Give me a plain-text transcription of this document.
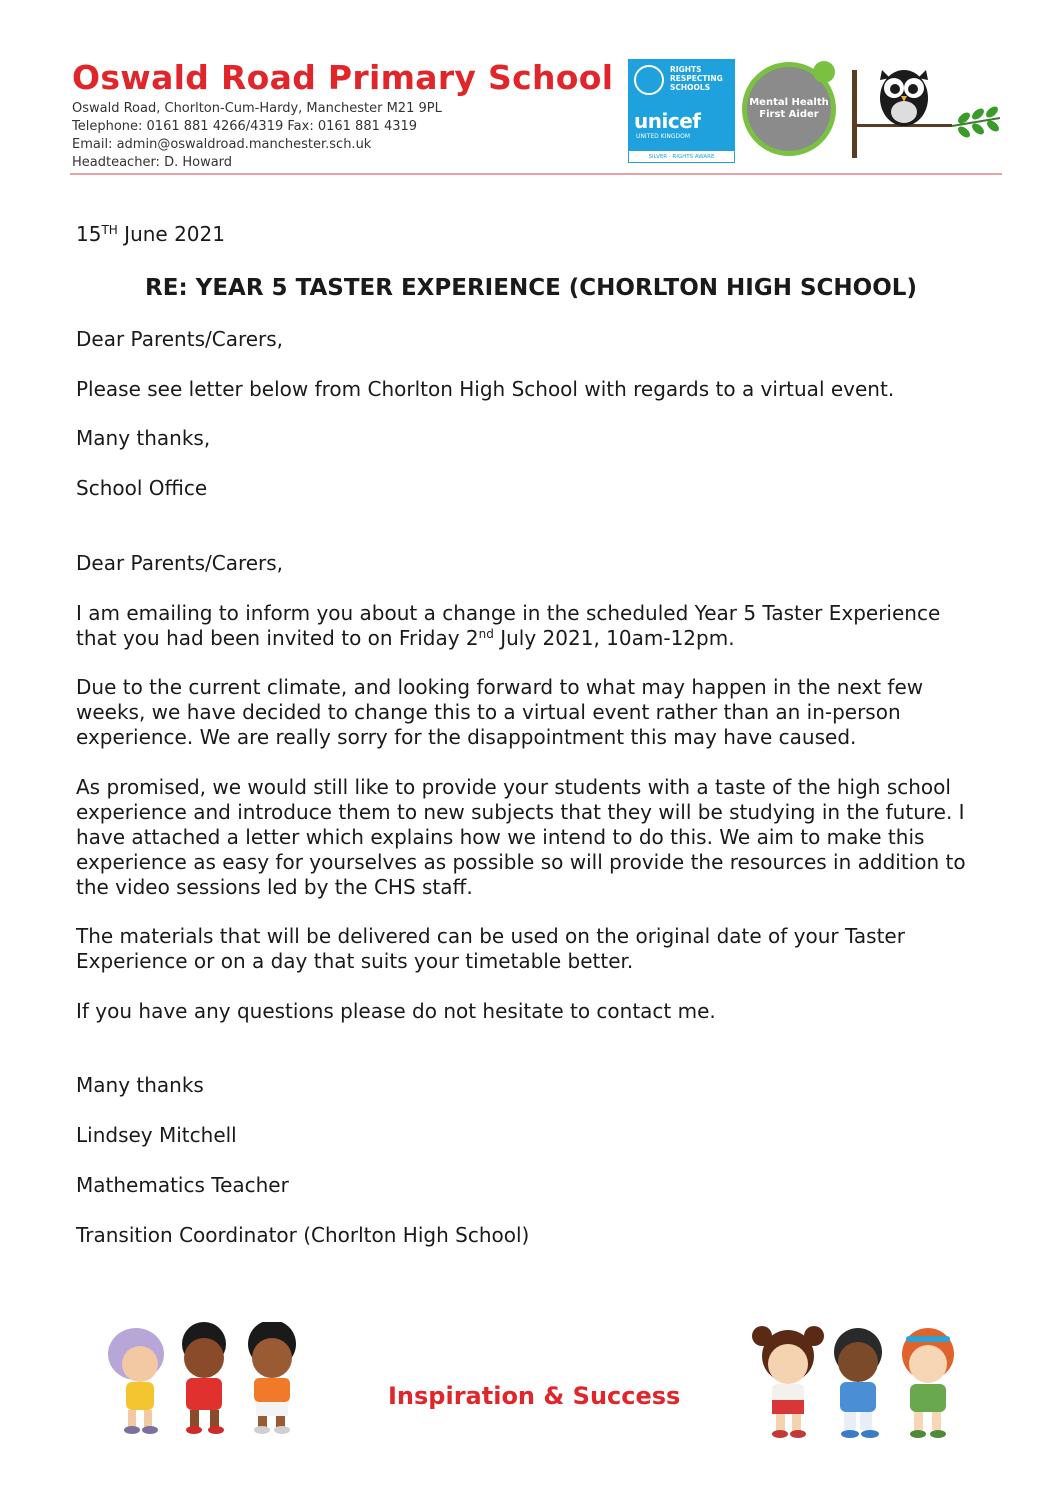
Oswald Road Primary School
Oswald Road, Chorlton-Cum-Hardy, Manchester M21 9PL
Telephone: 0161 881 4266/4319 Fax: 0161 881 4319
Email: admin@oswaldroad.manchester.sch.uk
Headteacher: D. Howard
RIGHTS RESPECTING SCHOOLS
unicef
UNITED KINGDOM
SILVER · RIGHTS AWARE
Mental Health First Aider

15TH June 2021

RE: YEAR 5 TASTER EXPERIENCE (CHORLTON HIGH SCHOOL)

Dear Parents/Carers,

Please see letter below from Chorlton High School with regards to a virtual event.

Many thanks,

School Office

Dear Parents/Carers,

I am emailing to inform you about a change in the scheduled Year 5 Taster Experience that you had been invited to on Friday 2nd July 2021, 10am-12pm.

Due to the current climate, and looking forward to what may happen in the next few weeks, we have decided to change this to a virtual event rather than an in-person experience. We are really sorry for the disappointment this may have caused.

As promised, we would still like to provide your students with a taste of the high school experience and introduce them to new subjects that they will be studying in the future. I have attached a letter which explains how we intend to do this. We aim to make this experience as easy for yourselves as possible so will provide the resources in addition to the video sessions led by the CHS staff.

The materials that will be delivered can be used on the original date of your Taster Experience or on a day that suits your timetable better.

If you have any questions please do not hesitate to contact me.

Many thanks

Lindsey Mitchell

Mathematics Teacher

Transition Coordinator (Chorlton High School)

Inspiration & Success
